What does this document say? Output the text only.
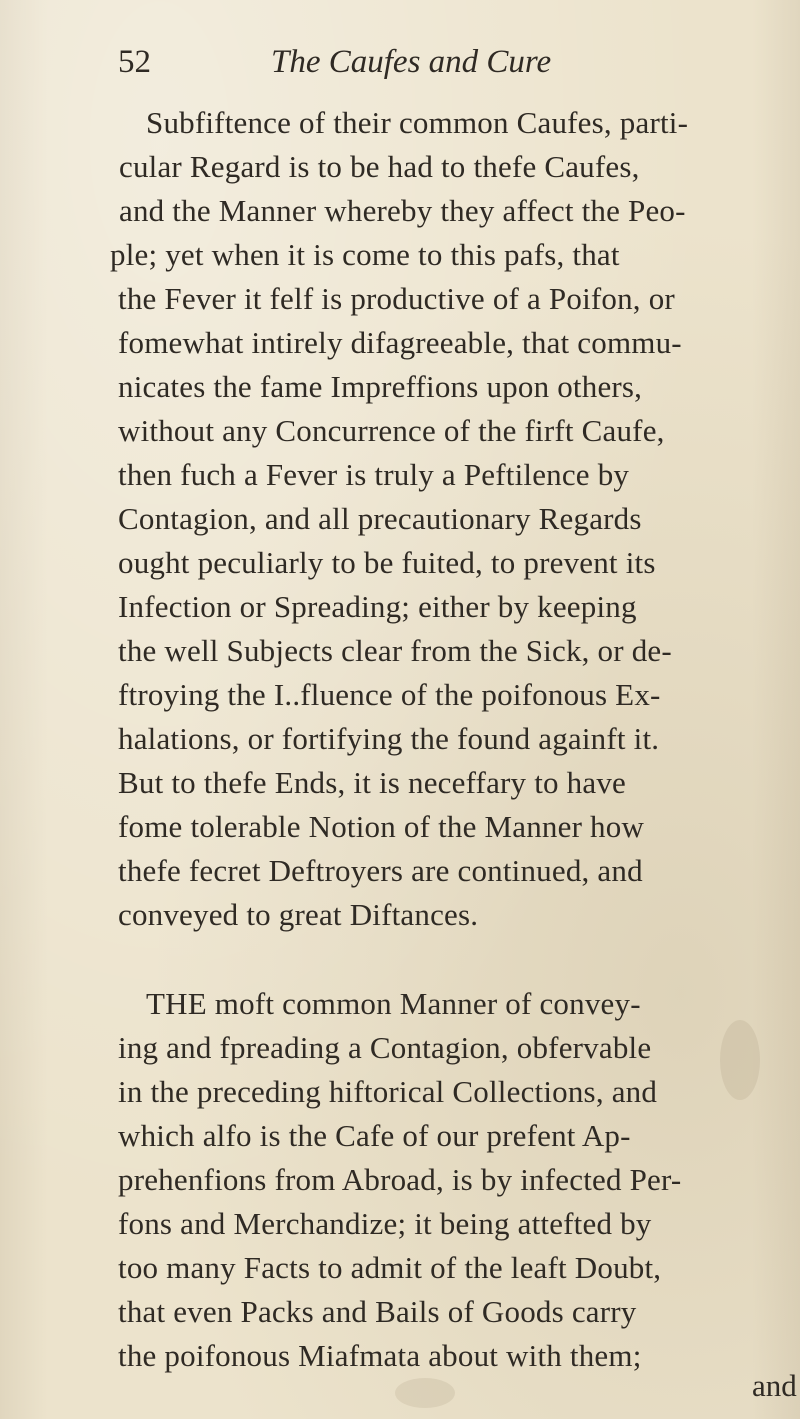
52	The Caufes and Cure
Subfiftence of their common Caufes, parti-
cular Regard is to be had to thefe Caufes,
and the Manner whereby they affect the Peo-
ple; yet when it is come to this pafs, that
the Fever it felf is productive of a Poifon, or
fomewhat intirely difagreeable, that commu-
nicates the fame Impreffions upon others,
without any Concurrence of the firft Caufe,
then fuch a Fever is truly a Peftilence by
Contagion, and all precautionary Regards
ought peculiarly to be fuited, to prevent its
Infection or Spreading; either by keeping
the well Subjects clear from the Sick, or de-
ftroying the I..fluence of the poifonous Ex-
halations, or fortifying the found againft it.
But to thefe Ends, it is neceffary to have
fome tolerable Notion of the Manner how
thefe fecret Deftroyers are continued, and
conveyed to great Diftances.
THE moft common Manner of convey-
ing and fpreading a Contagion, obfervable
in the preceding hiftorical Collections, and
which alfo is the Cafe of our prefent Ap-
prehenfions from Abroad, is by infected Per-
fons and Merchandize; it being attefted by
too many Facts to admit of the leaft Doubt,
that even Packs and Bails of Goods carry
the poifonous Miafmata about with them;
and
